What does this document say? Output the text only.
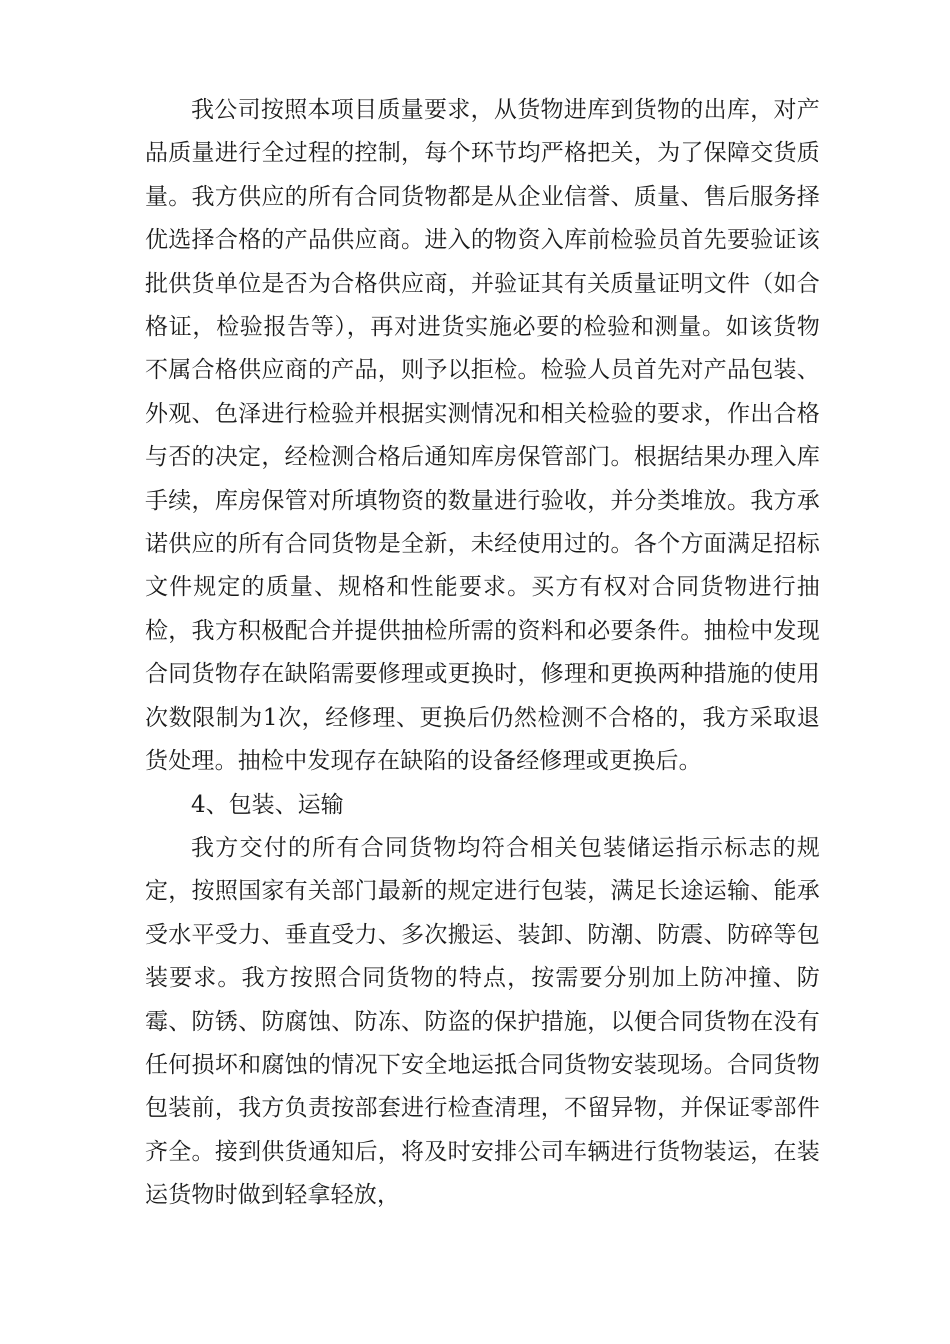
我公司按照本项目质量要求，从货物进库到货物的出库，对产品质量进行全过程的控制，每个环节均严格把关，为了保障交货质量。我方供应的所有合同货物都是从企业信誉、质量、售后服务择优选择合格的产品供应商。进入的物资入库前检验员首先要验证该批供货单位是否为合格供应商，并验证其有关质量证明文件（如合格证，检验报告等），再对进货实施必要的检验和测量。如该货物不属合格供应商的产品，则予以拒检。检验人员首先对产品包装、外观、色泽进行检验并根据实测情况和相关检验的要求，作出合格与否的决定，经检测合格后通知库房保管部门。根据结果办理入库手续，库房保管对所填物资的数量进行验收，并分类堆放。我方承诺供应的所有合同货物是全新，未经使用过的。各个方面满足招标文件规定的质量、规格和性能要求。买方有权对合同货物进行抽检，我方积极配合并提供抽检所需的资料和必要条件。抽检中发现合同货物存在缺陷需要修理或更换时，修理和更换两种措施的使用次数限制为1次，经修理、更换后仍然检测不合格的，我方采取退货处理。抽检中发现存在缺陷的设备经修理或更换后。

4、包装、运输

我方交付的所有合同货物均符合相关包装储运指示标志的规定，按照国家有关部门最新的规定进行包装，满足长途运输、能承受水平受力、垂直受力、多次搬运、装卸、防潮、防震、防碎等包装要求。我方按照合同货物的特点，按需要分别加上防冲撞、防霉、防锈、防腐蚀、防冻、防盗的保护措施，以便合同货物在没有任何损坏和腐蚀的情况下安全地运抵合同货物安装现场。合同货物包装前，我方负责按部套进行检查清理，不留异物，并保证零部件齐全。接到供货通知后，将及时安排公司车辆进行货物装运，在装运货物时做到轻拿轻放，
